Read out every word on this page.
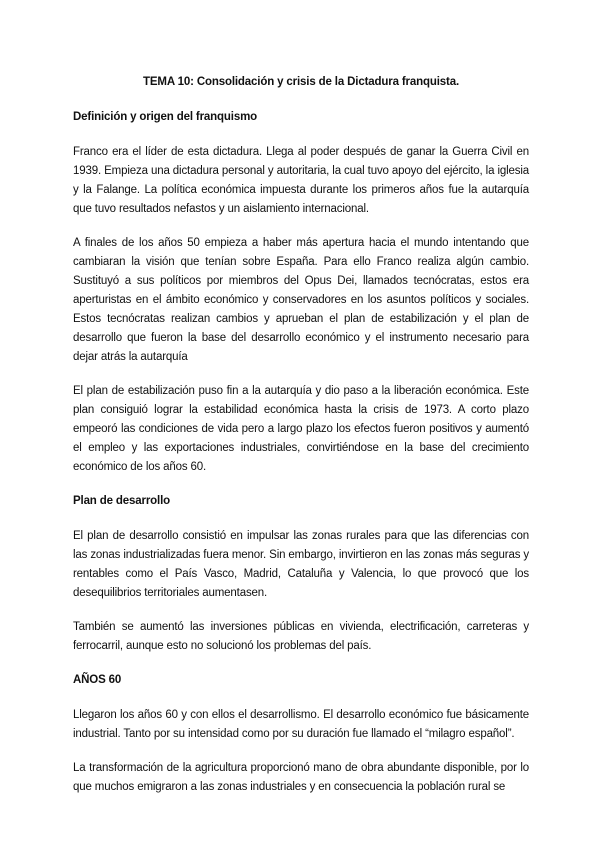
TEMA 10: Consolidación y crisis de la Dictadura franquista.
Definición y origen del franquismo

Franco era el líder de esta dictadura. Llega al poder después de ganar la Guerra Civil en 1939. Empieza una dictadura personal y autoritaria, la cual tuvo apoyo del ejército, la iglesia y la Falange. La política económica impuesta durante los primeros años fue la autarquía que tuvo resultados nefastos y un aislamiento internacional.

A finales de los años 50 empieza a haber más apertura hacia el mundo intentando que cambiaran la visión que tenían sobre España. Para ello Franco realiza algún cambio. Sustituyó a sus políticos por miembros del Opus Dei, llamados tecnócratas, estos era aperturistas en el ámbito económico y conservadores en los asuntos políticos y sociales. Estos tecnócratas realizan cambios y aprueban el plan de estabilización y el plan de desarrollo que fueron la base del desarrollo económico y el instrumento necesario para dejar atrás la autarquía

El plan de estabilización puso fin a la autarquía y dio paso a la liberación económica. Este plan consiguió lograr la estabilidad económica hasta la crisis de 1973. A corto plazo empeoró las condiciones de vida pero a largo plazo los efectos fueron positivos y aumentó el empleo y las exportaciones industriales, convirtiéndose en la base del crecimiento económico de los años 60.

Plan de desarrollo

El plan de desarrollo consistió en impulsar las zonas rurales para que las diferencias con las zonas industrializadas fuera menor. Sin embargo, invirtieron en las zonas más seguras y rentables como el País Vasco, Madrid, Cataluña y Valencia, lo que provocó que los desequilibrios territoriales aumentasen.

También se aumentó las inversiones públicas en vivienda, electrificación, carreteras y ferrocarril, aunque esto no solucionó los problemas del país.

AÑOS 60

Llegaron los años 60 y con ellos el desarrollismo. El desarrollo económico fue básicamente industrial. Tanto por su intensidad como por su duración fue llamado el “milagro español”.

La transformación de la agricultura proporcionó mano de obra abundante disponible, por lo que muchos emigraron a las zonas industriales y en consecuencia la población rural se
